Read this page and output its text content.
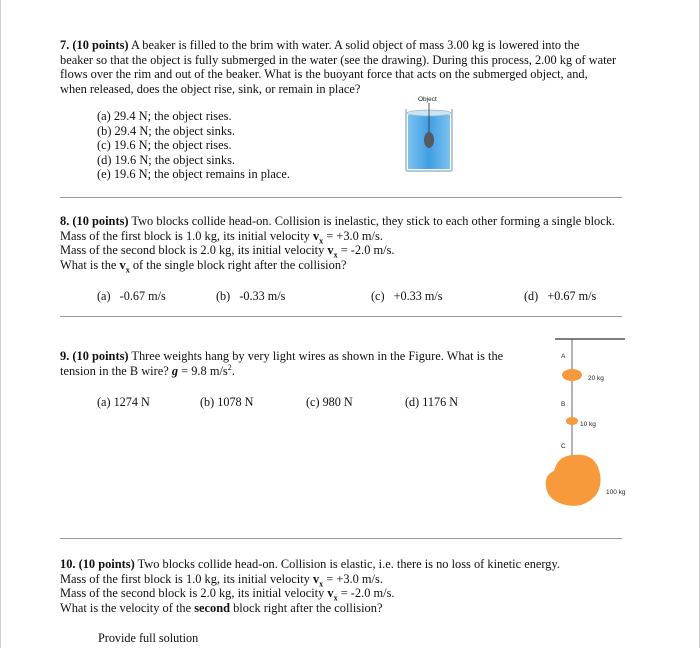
7. (10 points) A beaker is filled to the brim with water. A solid object of mass 3.00 kg is lowered into the

beaker so that the object is fully submerged in the water (see the drawing). During this process, 2.00 kg of water

flows over the rim and out of the beaker. What is the buoyant force that acts on the submerged object, and,

when released, does the object rise, sink, or remain in place?

Object
(a) 29.4 N; the object rises.
(b) 29.4 N; the object sinks.
(c) 19.6 N; the object rises.
(d) 19.6 N; the object sinks.
(e) 19.6 N; the object remains in place.

8. (10 points) Two blocks collide head-on. Collision is inelastic, they stick to each other forming a single block.

Mass of the first block is 1.0 kg, its initial velocity $v_x = +3.0$ m/s.

Mass of the second block is 2.0 kg, its initial velocity $v_x = -2.0$ m/s.

What is the $v_x$ of the single block right after the collision?

(a) -0.67 m/s	(b) -0.33 m/s	(c) +0.33 m/s	(d) +0.67 m/s

9. (10 points) Three weights hang by very light wires as shown in the Figure. What is the

tension in the B wire? g = 9.8 $m/s^2$.

(a) 1274 N	(b) 1078 N	(c) 980 N	(d) 1176 N
A
20 kg
B
10 kg
C
100 kg

10. (10 points) Two blocks collide head-on. Collision is elastic, i.e. there is no loss of kinetic energy.

Mass of the first block is 1.0 kg, its initial velocity $v_x = +3.0$ m/s.

Mass of the second block is 2.0 kg, its initial velocity $v_x = -2.0$ m/s.

What is the velocity of the second block right after the collision?

Provide full solution
